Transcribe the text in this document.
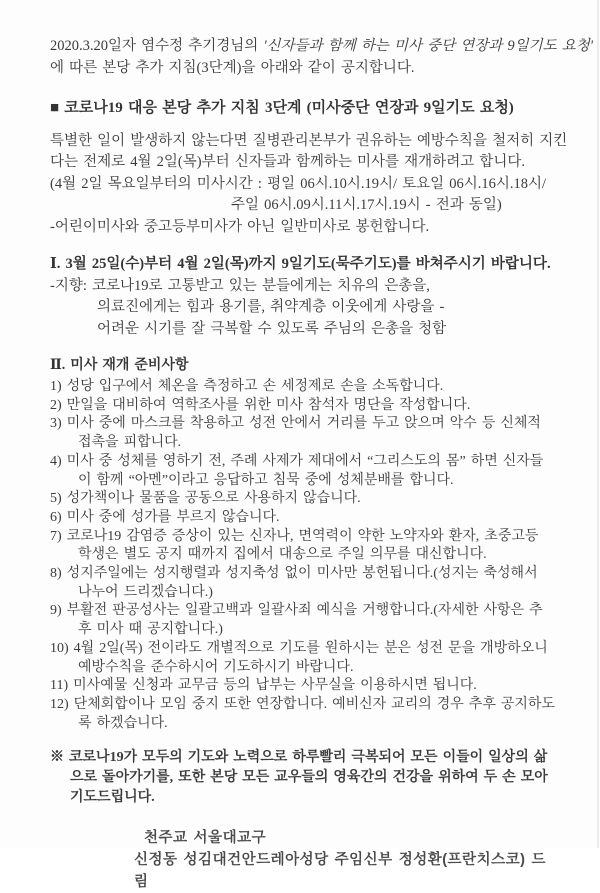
2020.3.20일자 염수정 추기경님의 '신자들과 함께 하는 미사 중단 연장과 9일기도 요청'
에 따른 본당 추가 지침(3단계)을 아래와 같이 공지합니다.
■ 코로나19 대응 본당 추가 지침 3단계 (미사중단 연장과 9일기도 요청)
특별한 일이 발생하지 않는다면 질병관리본부가 권유하는 예방수칙을 철저히 지킨
다는 전제로 4월 2일(목)부터 신자들과 함께하는 미사를 재개하려고 합니다.
(4월 2일 목요일부터의 미사시간 : 평일 06시.10시.19시/ 토요일 06시.16시.18시/
주일 06시.09시.11시.17시.19시 - 전과 동일)
-어린이미사와 중고등부미사가 아닌 일반미사로 봉헌합니다.
Ⅰ. 3월 25일(수)부터 4월 2일(목)까지 9일기도(묵주기도)를 바쳐주시기 바랍니다.
-지향: 코로나19로 고통받고 있는 분들에게는 치유의 은총을,
의료진에게는 힘과 용기를, 취약계층 이웃에게 사랑을 -
어려운 시기를 잘 극복할 수 있도록 주님의 은총을 청함
Ⅱ. 미사 재개 준비사항
1) 성당 입구에서 체온을 측정하고 손 세정제로 손을 소독합니다.
2) 만일을 대비하여 역학조사를 위한 미사 참석자 명단을 작성합니다.
3) 미사 중에 마스크를 착용하고 성전 안에서 거리를 두고 앉으며 악수 등 신체적 접촉을 피합니다.
4) 미사 중 성체를 영하기 전, 주례 사제가 제대에서 “그리스도의 몸” 하면 신자들이 함께 “아멘”이라고 응답하고 침묵 중에 성체분배를 합니다.
5) 성가책이나 물품을 공동으로 사용하지 않습니다.
6) 미사 중에 성가를 부르지 않습니다.
7) 코로나19 감염증 증상이 있는 신자나, 면역력이 약한 노약자와 환자, 초중고등 학생은 별도 공지 때까지 집에서 대송으로 주일 의무를 대신합니다.
8) 성지주일에는 성지행렬과 성지축성 없이 미사만 봉헌됩니다.(성지는 축성해서 나누어 드리겠습니다.)
9) 부활전 판공성사는 일괄고백과 일괄사죄 예식을 거행합니다.(자세한 사항은 추후 미사 때 공지합니다.)
10) 4월 2일(목) 전이라도 개별적으로 기도를 원하시는 분은 성전 문을 개방하오니 예방수칙을 준수하시어 기도하시기 바랍니다.
11) 미사예물 신청과 교무금 등의 납부는 사무실을 이용하시면 됩니다.
12) 단체회합이나 모임 중지 또한 연장합니다. 예비신자 교리의 경우 추후 공지하도록 하겠습니다.
※ 코로나19가 모두의 기도와 노력으로 하루빨리 극복되어 모든 이들이 일상의 삶으로 돌아가기를, 또한 본당 모든 교우들의 영육간의 건강을 위하여 두 손 모아 기도드립니다.
천주교 서울대교구
신정동 성김대건안드레아성당 주임신부 정성환(프란치스코) 드림
